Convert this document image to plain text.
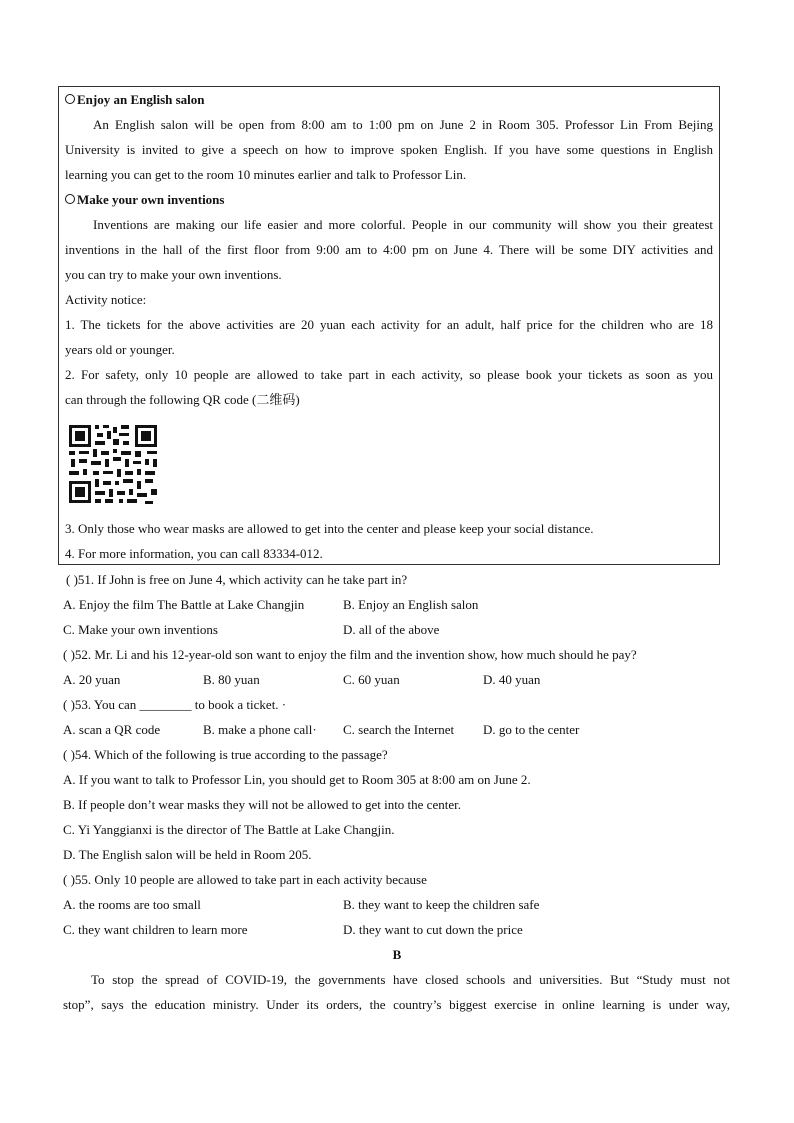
Enjoy an English salon
An English salon will be open from 8:00 am to 1:00 pm on June 2 in Room 305. Professor Lin From Bejing
University is invited to give a speech on how to improve spoken English. If you have some questions in English
learning you can get to the room 10 minutes earlier and talk to Professor Lin.
Make your own inventions
Inventions are making our life easier and more colorful. People in our community will show you their greatest
inventions in the hall of the first floor from 9:00 am to 4:00 pm on June 4. There will be some DIY activities and
you can try to make your own inventions.
Activity notice:
1. The tickets for the above activities are 20 yuan each activity for an adult, half price for the children who are 18
years old or younger.
2. For safety, only 10 people are allowed to take part in each activity, so please book your tickets as soon as you
can through the following QR code (二维码)
3. Only those who wear masks are allowed to get into the center and please keep your social distance.
4. For more information, you can call 83334-012.
( )51. If John is free on June 4, which activity can he take part in?
A. Enjoy the film The Battle at Lake Changjin	B. Enjoy an English salon
C. Make your own inventions	D. all of the above
( )52. Mr. Li and his 12-year-old son want to enjoy the film and the invention show, how much should he pay?
A. 20 yuan	B. 80 yuan	C. 60 yuan	D. 40 yuan
( )53. You can ________ to book a ticket. ·
A. scan a QR code	B. make a phone call· C. search the Internet D. go to the center
( )54. Which of the following is true according to the passage?
A. If you want to talk to Professor Lin, you should get to Room 305 at 8:00 am on June 2.
B. If people don’t wear masks they will not be allowed to get into the center.
C. Yi Yanggianxi is the director of The Battle at Lake Changjin.
D. The English salon will be held in Room 205.
( )55. Only 10 people are allowed to take part in each activity because
A. the rooms are too small	B. they want to keep the children safe
C. they want children to learn more	D. they want to cut down the price
B
To stop the spread of COVID-19, the governments have closed schools and universities. But “Study must not
stop”, says the education ministry. Under its orders, the country’s biggest exercise in online learning is under way,
